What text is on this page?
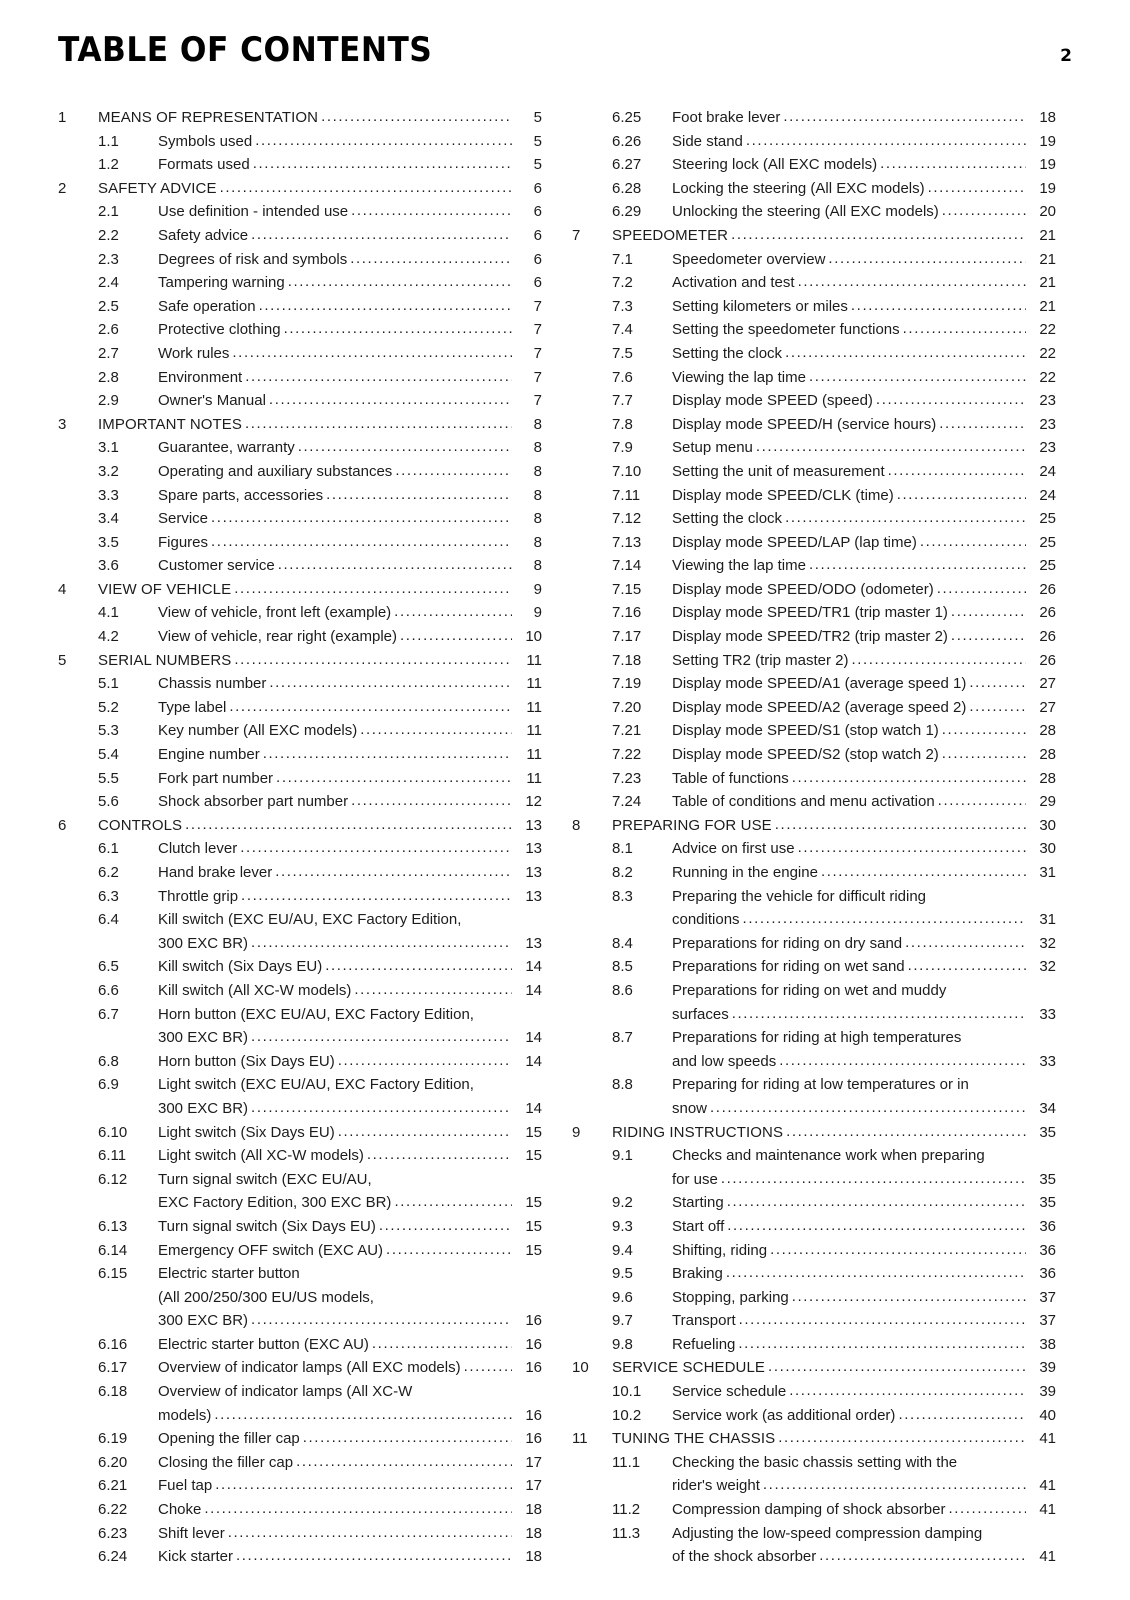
TABLE OF CONTENTS	2
1	MEANS OF REPRESENTATION .....	5
1.1	Symbols used .....	5
1.2	Formats used .....	5
2	SAFETY ADVICE .....	6
2.1	Use definition - intended use .....	6
2.2	Safety advice .....	6
2.3	Degrees of risk and symbols .....	6
2.4	Tampering warning .....	6
2.5	Safe operation .....	7
2.6	Protective clothing .....	7
2.7	Work rules .....	7
2.8	Environment .....	7
2.9	Owner's Manual .....	7
3	IMPORTANT NOTES .....	8
3.1	Guarantee, warranty .....	8
3.2	Operating and auxiliary substances .....	8
3.3	Spare parts, accessories .....	8
3.4	Service .....	8
3.5	Figures .....	8
3.6	Customer service .....	8
4	VIEW OF VEHICLE .....	9
4.1	View of vehicle, front left (example) .....	9
4.2	View of vehicle, rear right (example) .....	10
5	SERIAL NUMBERS .....	11
5.1	Chassis number .....	11
5.2	Type label .....	11
5.3	Key number (All EXC models) .....	11
5.4	Engine number .....	11
5.5	Fork part number .....	11
5.6	Shock absorber part number .....	12
6	CONTROLS .....	13
6.1	Clutch lever .....	13
6.2	Hand brake lever .....	13
6.3	Throttle grip .....	13
6.4	Kill switch (EXC EU/AU, EXC Factory Edition,
300 EXC BR) .....	13
6.5	Kill switch (Six Days EU) .....	14
6.6	Kill switch (All XC-W models) .....	14
6.7	Horn button (EXC EU/AU, EXC Factory Edition,
300 EXC BR) .....	14
6.8	Horn button (Six Days EU) .....	14
6.9	Light switch (EXC EU/AU, EXC Factory Edition,
300 EXC BR) .....	14
6.10	Light switch (Six Days EU) .....	15
6.11	Light switch (All XC-W models) .....	15
6.12	Turn signal switch (EXC EU/AU,
EXC Factory Edition, 300 EXC BR) .....	15
6.13	Turn signal switch (Six Days EU) .....	15
6.14	Emergency OFF switch (EXC AU) .....	15
6.15	Electric starter button
(All 200/250/300 EU/US models,
300 EXC BR) .....	16
6.16	Electric starter button (EXC AU) .....	16
6.17	Overview of indicator lamps (All EXC models) .....	16
6.18	Overview of indicator lamps (All XC-W
models) .....	16
6.19	Opening the filler cap .....	16
6.20	Closing the filler cap .....	17
6.21	Fuel tap .....	17
6.22	Choke .....	18
6.23	Shift lever .....	18
6.24	Kick starter .....	18
6.25	Foot brake lever .....	18
6.26	Side stand .....	19
6.27	Steering lock (All EXC models) .....	19
6.28	Locking the steering (All EXC models) .....	19
6.29	Unlocking the steering (All EXC models) .....	20
7	SPEEDOMETER .....	21
7.1	Speedometer overview .....	21
7.2	Activation and test .....	21
7.3	Setting kilometers or miles .....	21
7.4	Setting the speedometer functions .....	22
7.5	Setting the clock .....	22
7.6	Viewing the lap time .....	22
7.7	Display mode SPEED (speed) .....	23
7.8	Display mode SPEED/H (service hours) .....	23
7.9	Setup menu .....	23
7.10	Setting the unit of measurement .....	24
7.11	Display mode SPEED/CLK (time) .....	24
7.12	Setting the clock .....	25
7.13	Display mode SPEED/LAP (lap time) .....	25
7.14	Viewing the lap time .....	25
7.15	Display mode SPEED/ODO (odometer) .....	26
7.16	Display mode SPEED/TR1 (trip master 1) .....	26
7.17	Display mode SPEED/TR2 (trip master 2) .....	26
7.18	Setting TR2 (trip master 2) .....	26
7.19	Display mode SPEED/A1 (average speed 1) .....	27
7.20	Display mode SPEED/A2 (average speed 2) .....	27
7.21	Display mode SPEED/S1 (stop watch 1) .....	28
7.22	Display mode SPEED/S2 (stop watch 2) .....	28
7.23	Table of functions .....	28
7.24	Table of conditions and menu activation .....	29
8	PREPARING FOR USE .....	30
8.1	Advice on first use .....	30
8.2	Running in the engine .....	31
8.3	Preparing the vehicle for difficult riding
conditions .....	31
8.4	Preparations for riding on dry sand .....	32
8.5	Preparations for riding on wet sand .....	32
8.6	Preparations for riding on wet and muddy
surfaces .....	33
8.7	Preparations for riding at high temperatures
and low speeds .....	33
8.8	Preparing for riding at low temperatures or in
snow .....	34
9	RIDING INSTRUCTIONS .....	35
9.1	Checks and maintenance work when preparing
for use .....	35
9.2	Starting .....	35
9.3	Start off .....	36
9.4	Shifting, riding .....	36
9.5	Braking .....	36
9.6	Stopping, parking .....	37
9.7	Transport .....	37
9.8	Refueling .....	38
10	SERVICE SCHEDULE .....	39
10.1	Service schedule .....	39
10.2	Service work (as additional order) .....	40
11	TUNING THE CHASSIS .....	41
11.1	Checking the basic chassis setting with the
rider's weight .....	41
11.2	Compression damping of shock absorber .....	41
11.3	Adjusting the low-speed compression damping
of the shock absorber .....	41
